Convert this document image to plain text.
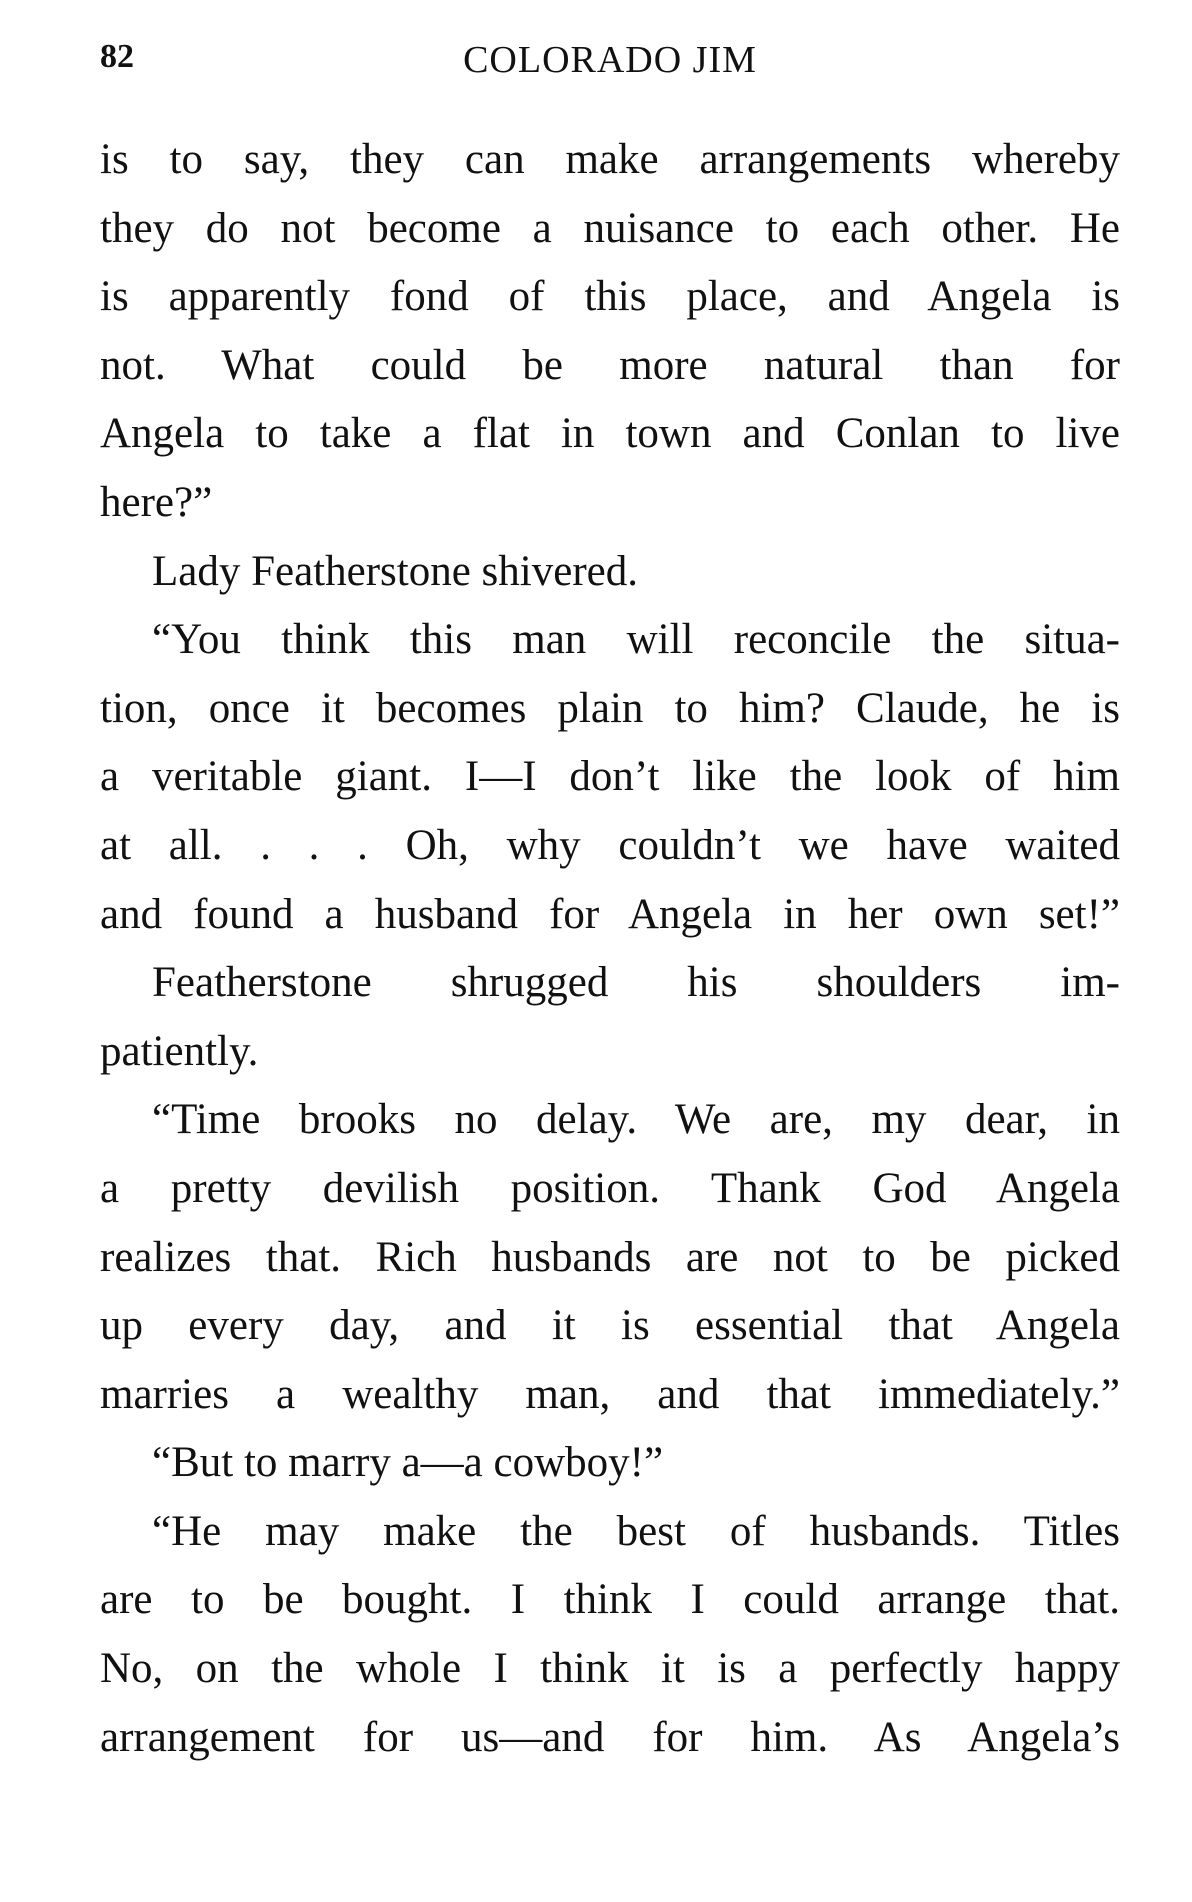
82	COLORADO JIM
is to say, they can make arrangements whereby
they do not become a nuisance to each other. He
is apparently fond of this place, and Angela is
not. What could be more natural than for
Angela to take a flat in town and Conlan to live
here?”
Lady Featherstone shivered.
“You think this man will reconcile the situa-
tion, once it becomes plain to him? Claude, he is
a veritable giant. I—I don’t like the look of him
at all. . . . Oh, why couldn’t we have waited
and found a husband for Angela in her own set!”
Featherstone shrugged his shoulders im-
patiently.
“Time brooks no delay. We are, my dear, in
a pretty devilish position. Thank God Angela
realizes that. Rich husbands are not to be picked
up every day, and it is essential that Angela
marries a wealthy man, and that immediately.”
“But to marry a—a cowboy!”
“He may make the best of husbands. Titles
are to be bought. I think I could arrange that.
No, on the whole I think it is a perfectly happy
arrangement for us—and for him. As Angela’s
